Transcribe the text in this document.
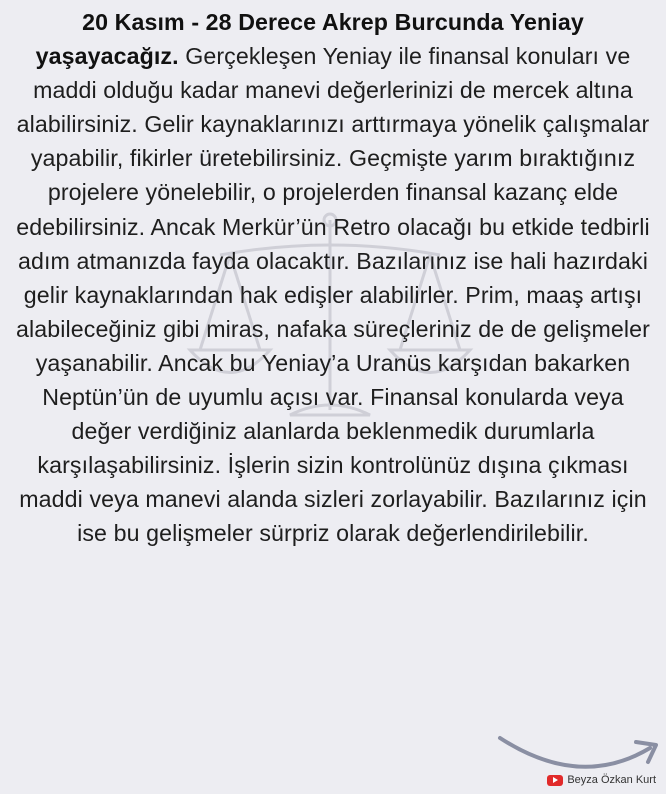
20 Kasım - 28 Derece Akrep Burcunda Yeniay yaşayacağız. Gerçekleşen Yeniay ile finansal konuları ve maddi olduğu kadar manevi değerlerinizi de mercek altına alabilirsiniz. Gelir kaynaklarınızı arttırmaya yönelik çalışmalar yapabilir, fikirler üretebilirsiniz. Geçmişte yarım bıraktığınız projelere yönelebilir, o projelerden finansal kazanç elde edebilirsiniz. Ancak Merkür’ün Retro olacağı bu etkide tedbirli adım atmanızda fayda olacaktır. Bazılarınız ise hali hazırdaki gelir kaynaklarından hak edişler alabilirler. Prim, maaş artışı alabileceğiniz gibi miras, nafaka süreçleriniz de de gelişmeler yaşanabilir. Ancak bu Yeniay’a Uranüs karşıdan bakarken Neptün’ün de uyumlu açısı var. Finansal konularda veya değer verdiğiniz alanlarda beklenmedik durumlarla karşılaşabilirsiniz. İşlerin sizin kontrolünüz dışına çıkması maddi veya manevi alanda sizleri zorlayabilir. Bazılarınız için ise bu gelişmeler sürpriz olarak değerlendirilebilir.
Beyza Özkan Kurt
